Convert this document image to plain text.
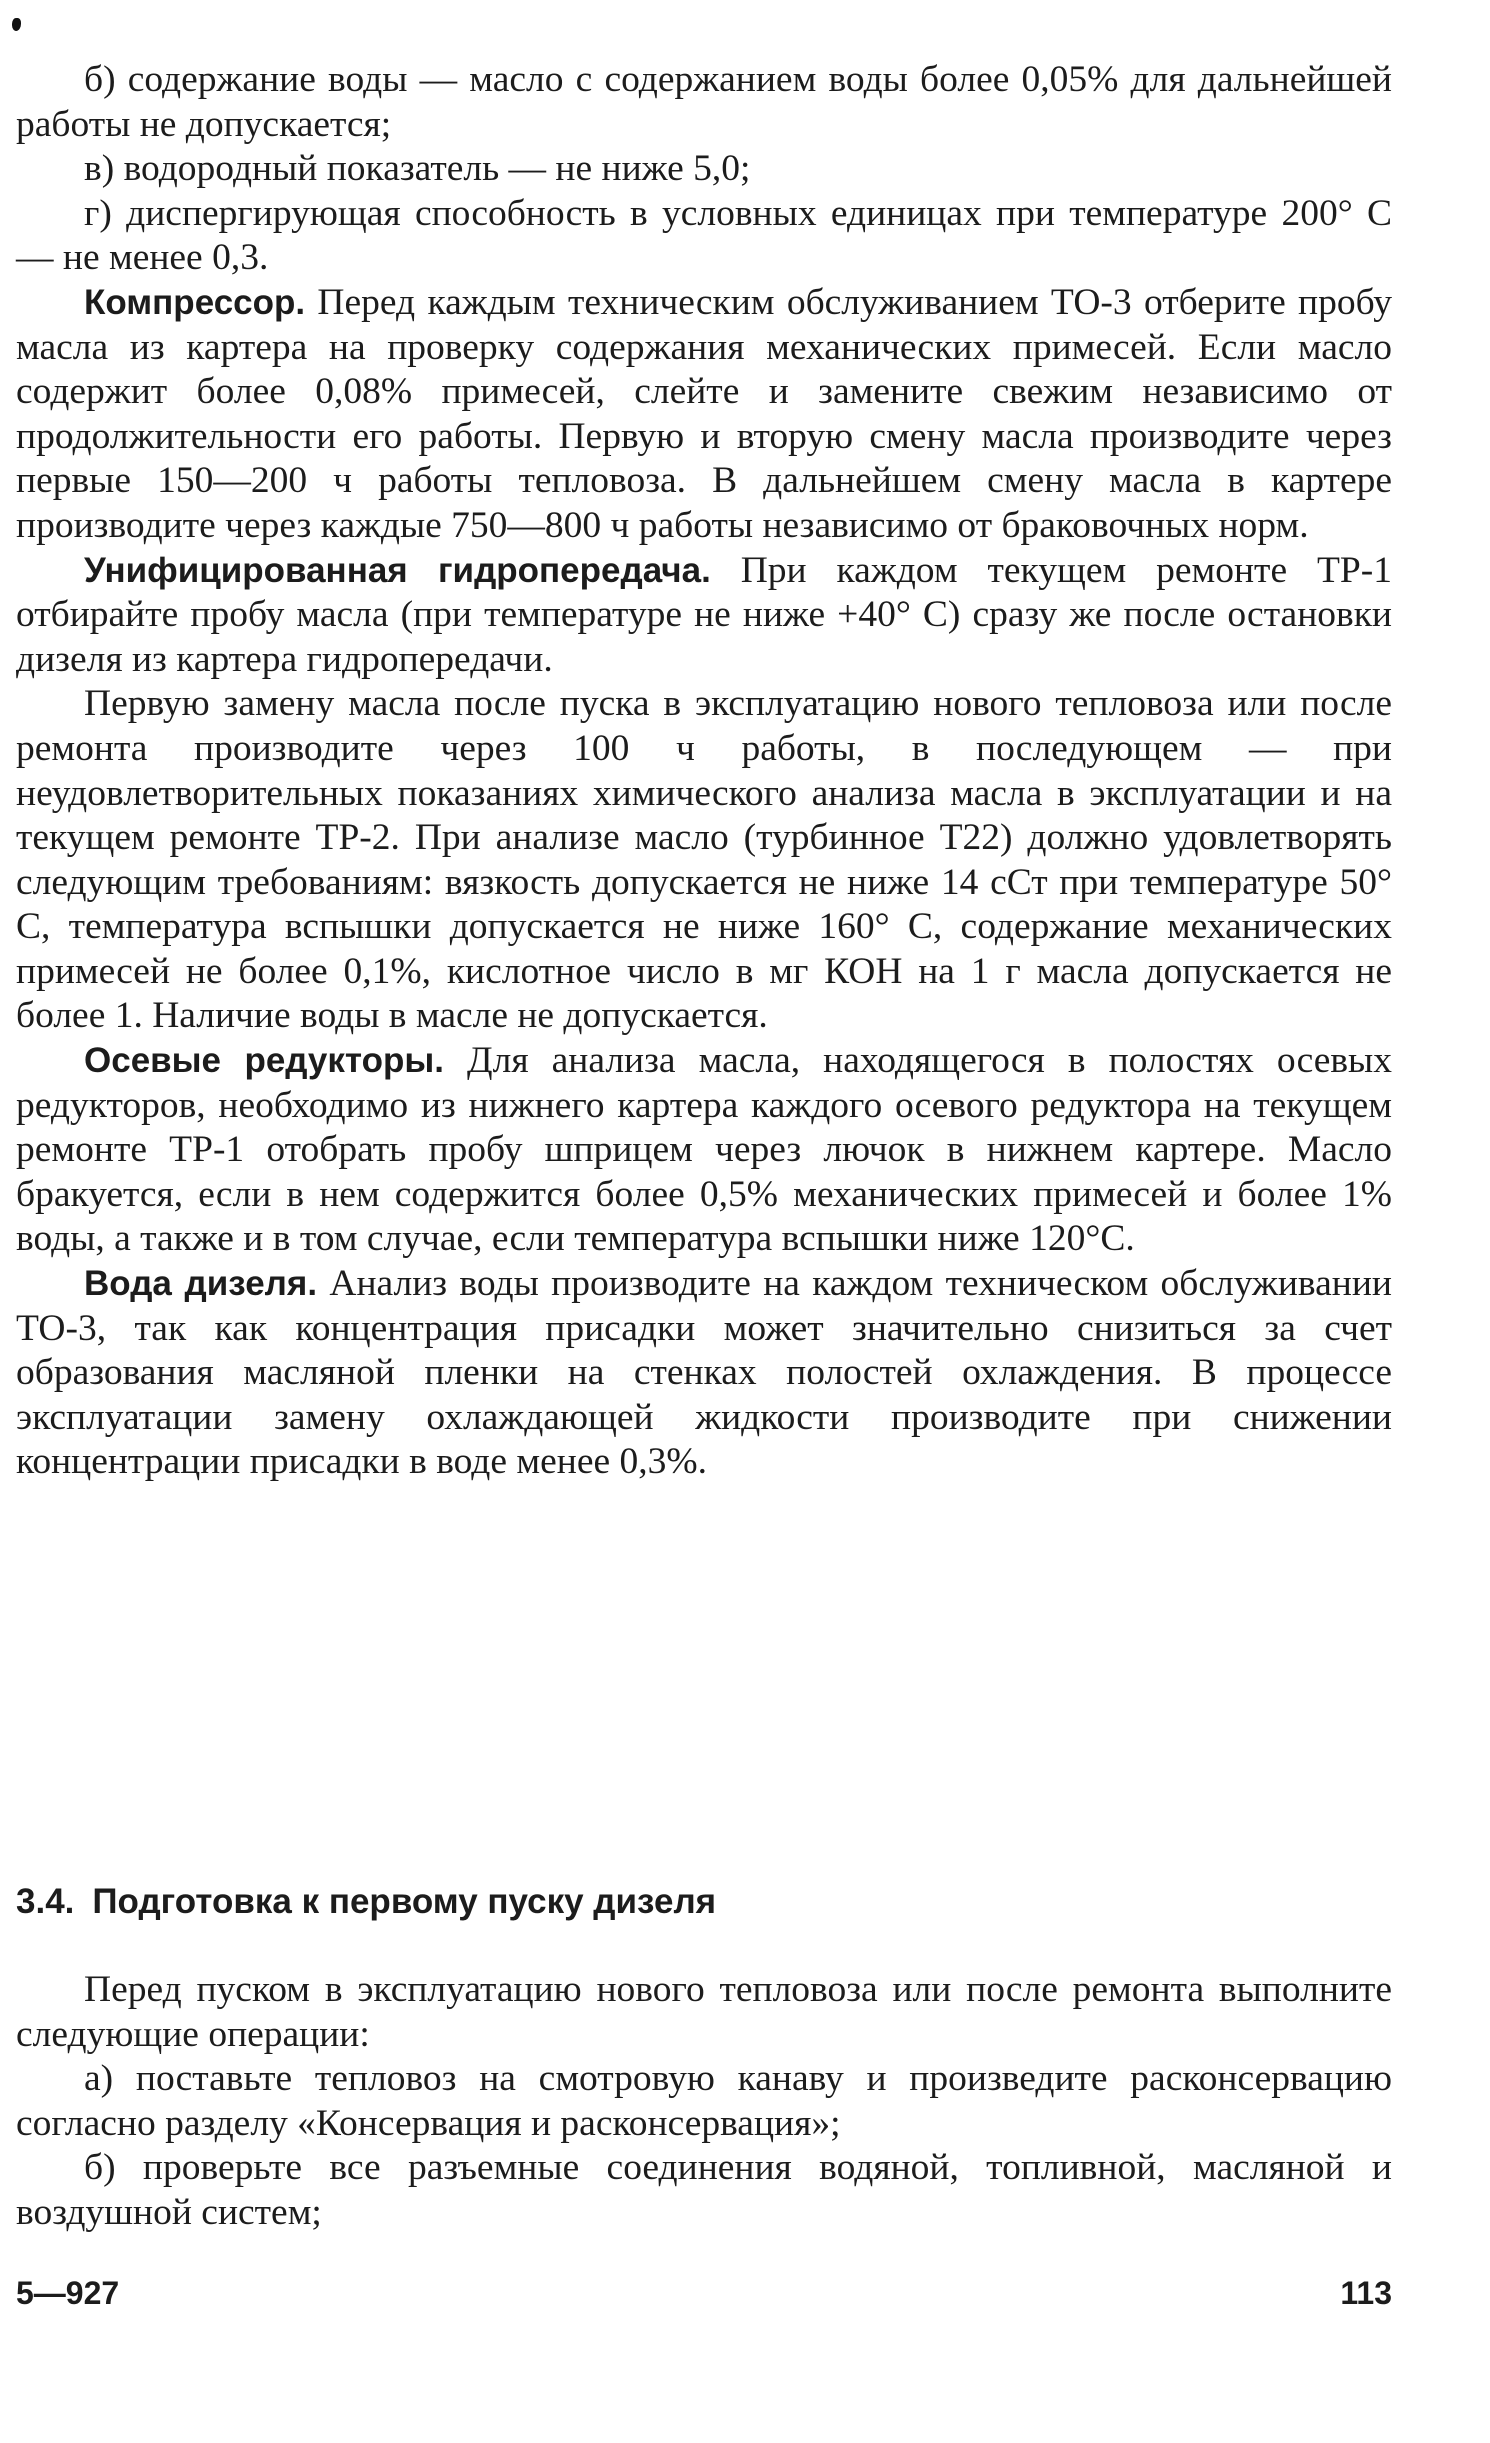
б) содержание воды — масло с содержанием воды более 0,05% для дальнейшей работы не допускается;

в) водородный показатель — не ниже 5,0;

г) диспергирующая способность в условных единицах при температуре 200° С — не менее 0,3.

Компрессор. Перед каждым техническим обслуживанием ТО-3 отберите пробу масла из картера на проверку содержания механических примесей. Если масло содержит более 0,08% примесей, слейте и замените свежим независимо от продолжительности его работы. Первую и вторую смену масла производите через первые 150—200 ч работы тепловоза. В дальнейшем смену масла в картере производите через каждые 750—800 ч работы независимо от браковочных норм.

Унифицированная гидропередача. При каждом текущем ремонте ТР-1 отбирайте пробу масла (при температуре не ниже +40° С) сразу же после остановки дизеля из картера гидропередачи.

Первую замену масла после пуска в эксплуатацию нового тепловоза или после ремонта производите через 100 ч работы, в последующем — при неудовлетворительных показаниях химического анализа масла в эксплуатации и на текущем ремонте ТР-2. При анализе масло (турбинное Т22) должно удовлетворять следующим требованиям: вязкость допускается не ниже 14 сСт при температуре 50° С, температура вспышки допускается не ниже 160° С, содержание механических примесей не более 0,1%, кислотное число в мг КОН на 1 г масла допускается не более 1. Наличие воды в масле не допускается.

Осевые редукторы. Для анализа масла, находящегося в полостях осевых редукторов, необходимо из нижнего картера каждого осевого редуктора на текущем ремонте ТР-1 отобрать пробу шприцем через лючок в нижнем картере. Масло бракуется, если в нем содержится более 0,5% механических примесей и более 1% воды, а также и в том случае, если температура вспышки ниже 120°С.

Вода дизеля. Анализ воды производите на каждом техническом обслуживании ТО-3, так как концентрация присадки может значительно снизиться за счет образования масляной пленки на стенках полостей охлаждения. В процессе эксплуатации замену охлаждающей жидкости производите при снижении концентрации присадки в воде менее 0,3%.

3.4. Подготовка к первому пуску дизеля

Перед пуском в эксплуатацию нового тепловоза или после ремонта выполните следующие операции:

а) поставьте тепловоз на смотровую канаву и произведите расконсервацию согласно разделу «Консервация и расконсервация»;

б) проверьте все разъемные соединения водяной, топливной, масляной и воздушной систем;

5—927	113
